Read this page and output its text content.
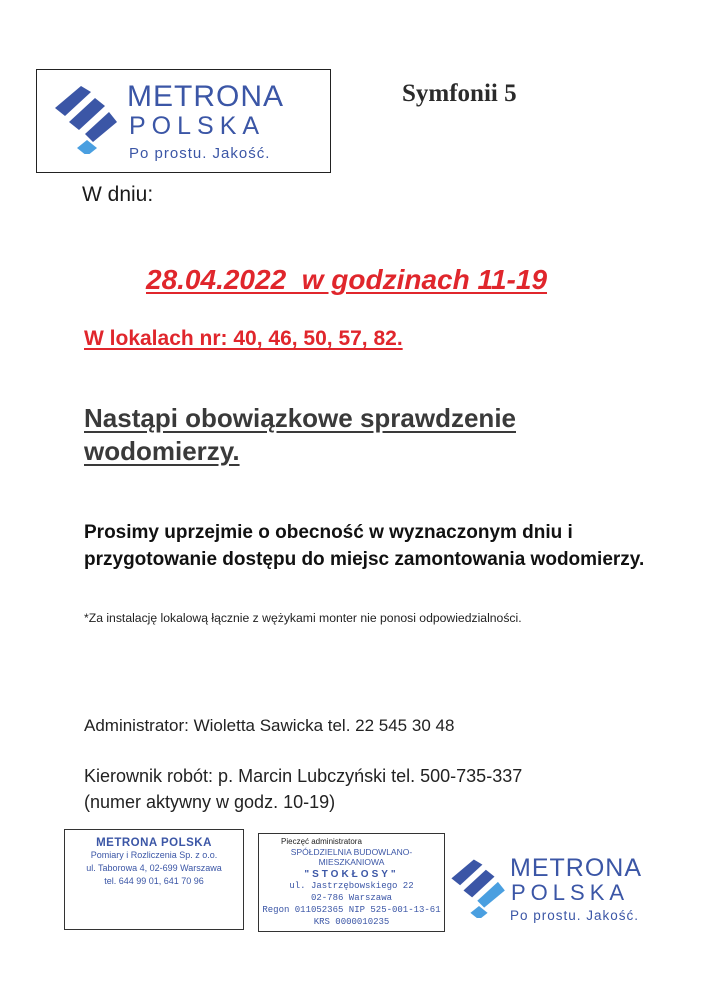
METRONA
POLSKA
Po prostu. Jakość.
Symfonii 5
W dniu:
28.04.2022  w godzinach 11-19
W lokalach nr: 40, 46, 50, 57, 82.
Nastąpi obowiązkowe sprawdzenie wodomierzy.
Prosimy uprzejmie o obecność w wyznaczonym dniu i przygotowanie dostępu do miejsc zamontowania wodomierzy.
*Za instalację lokalową łącznie z wężykami monter nie ponosi odpowiedzialności.
Administrator: Wioletta Sawicka tel. 22 545 30 48
Kierownik robót: p. Marcin Lubczyński tel. 500-735-337
(numer aktywny w godz. 10-19)
METRONA POLSKA
Pomiary i Rozliczenia Sp. z o.o.
ul. Taborowa 4, 02-699 Warszawa
tel. 644 99 01, 641 70 96
Pieczęć administratora
SPÓŁDZIELNIA BUDOWLANO-MIESZKANIOWA
"STOKŁOSY"
ul. Jastrzębowskiego 22
02-786 Warszawa
Regon 011052365 NIP 525-001-13-61
KRS 0000010235
METRONA
POLSKA
Po prostu. Jakość.
